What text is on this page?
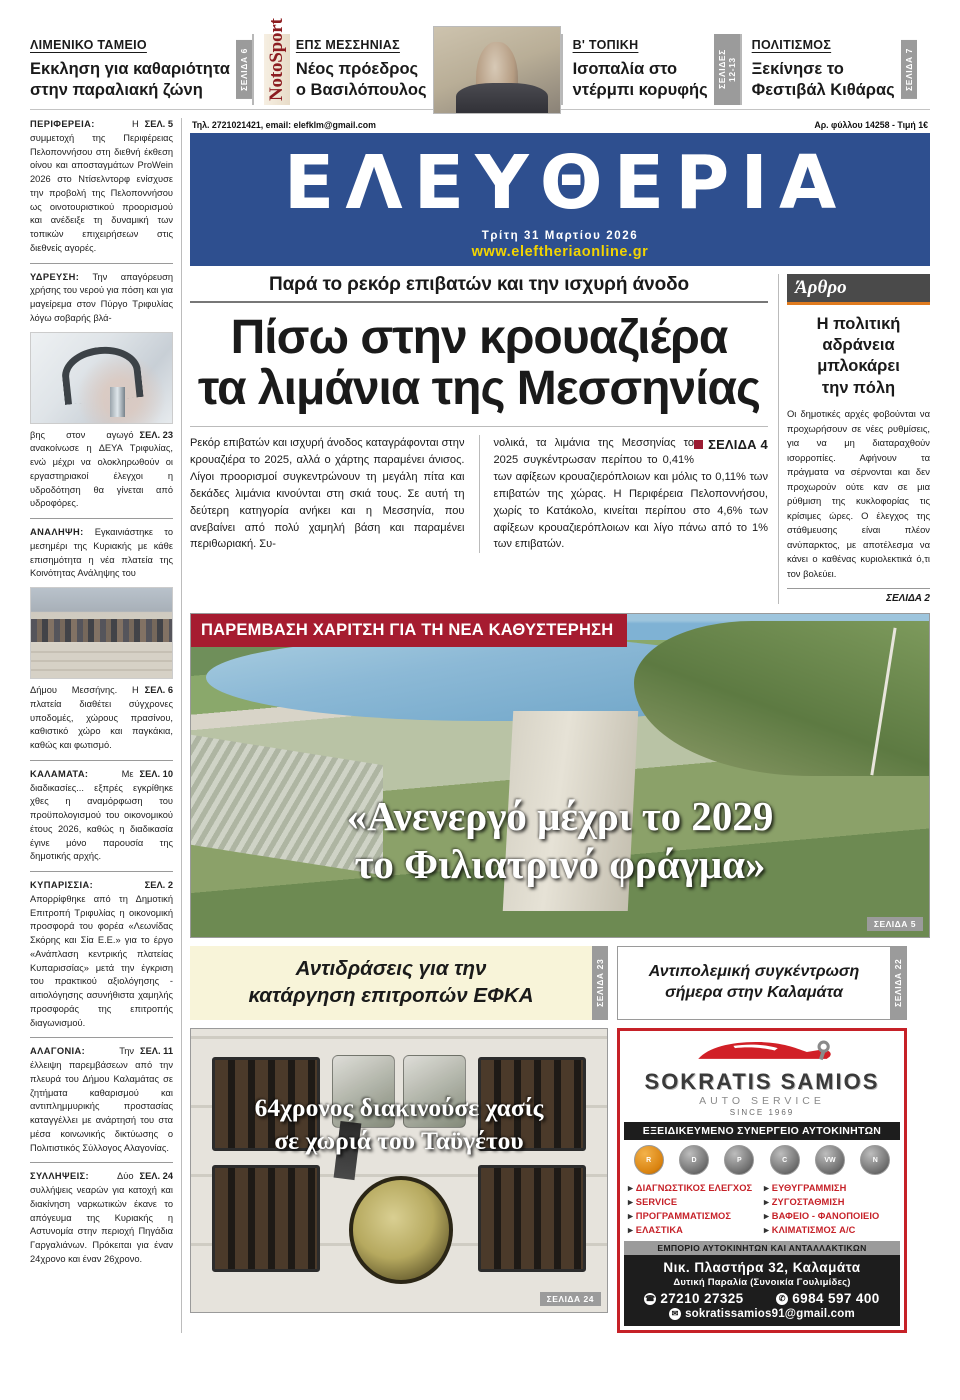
ΛΙΜΕΝΙΚΟ ΤΑΜΕΙΟ
Εκκληση για καθαριότητα
στην παραλιακή ζώνη	ΣΕΛΙΔΑ 6 NotoSport ΕΠΣ ΜΕΣΣΗΝΙΑΣ
Νέος πρόεδρος
ο Βασιλόπουλος
Β' ΤΟΠΙΚΗ
Ισοπαλία στο
ντέρμπι κορυφής
ΣΕΛΙΔΕΣ 12-13
ΠΟΛΙΤΙΣΜΟΣ
Ξεκίνησε το
Φεστιβάλ Κιθάρας	ΣΕΛΙΔΑ 7
ΣΕΛ. 5
ΠΕΡΙΦΕΡΕΙΑ: Η συμμετοχή της Περιφέρειας Πελοποννήσου στη διεθνή έκθεση οίνου και αποσταγμάτων ProWein 2026 στο Ντίσελντορφ ενίσχυσε την προβολή της Πελοποννήσου ως οινοτουριστικού προορισμού και ανέδειξε τη δυναμική των τοπικών επιχειρήσεων στις διεθνείς αγορές.
ΥΔΡΕΥΣΗ: Την απαγόρευση χρήσης του νερού για πόση και για μαγείρεμα στον Πύργο Τριφυλίας λόγω σοβαρής βλά-
ΣΕΛ. 23
βης στον αγωγό ανακοίνωσε η ΔΕΥΑ Τριφυλίας, ενώ μέχρι να ολοκληρωθούν οι εργαστηριακοί έλεγχοι η υδροδότηση θα γίνεται από υδροφόρες.
ΑΝΑΛΗΨΗ: Εγκαινιάστηκε το μεσημέρι της Κυριακής με κάθε επισημότητα η νέα πλατεία της Κοινότητας Ανάληψης του
ΣΕΛ. 6
Δήμου Μεσσήνης. Η πλατεία διαθέτει σύγχρονες υποδομές, χώρους πρασίνου, καθιστικό χώρο και παγκάκια, καθώς και φωτισμό.
ΣΕΛ. 10
ΚΑΛΑΜΑΤΑ: Με διαδικασίες... εξπρές εγκρίθηκε χθες η αναμόρφωση του προϋπολογισμού του οικονομικού έτους 2026, καθώς η διαδικασία έγινε μόνο παρουσία της δημοτικής αρχής.
ΣΕΛ. 2
ΚΥΠΑΡΙΣΣΙΑ: Απορρίφθηκε από τη Δημοτική Επιτροπή Τριφυλίας η οικονομική προσφορά του φορέα «Λεωνίδας Σκόρης και Σία Ε.Ε.» για το έργο «Ανάπλαση κεντρικής πλατείας Κυπαρισσίας» μετά την έγκριση του πρακτικού αξιολόγησης - αιτιολόγησης ασυνήθιστα χαμηλής προσφοράς της επιτροπής διαγωνισμού.
ΣΕΛ. 11
ΑΛΑΓΟΝΙΑ: Την έλλειψη παρεμβάσεων από την πλευρά του Δήμου Καλαμάτας σε ζητήματα καθαρισμού και αντιπλημμυρικής προστασίας καταγγέλλει με ανάρτησή του στα μέσα κοινωνικής δικτύωσης ο Πολιτιστικός Σύλλογος Αλαγονίας.
ΣΕΛ. 24
ΣΥΛΛΗΨΕΙΣ: Δύο συλλήψεις νεαρών για κατοχή και διακίνηση ναρκωτικών έκανε το απόγευμα της Κυριακής η Αστυνομία στην περιοχή Πηγάδια Γαργαλιάνων. Πρόκειται για έναν 24χρονο και έναν 26χρονο.
Τηλ. 2721021421, email: elefklm@gmail.com	Αρ. φύλλου 14258 - Τιμή 1€
ΕΛΕΥΘΕΡΙΑ
Τρίτη 31 Μαρτίου 2026
www.eleftheriaonline.gr
Παρά το ρεκόρ επιβατών και την ισχυρή άνοδο
Πίσω στην κρουαζιέρα
τα λιμάνια της Μεσσηνίας
Ρεκόρ επιβατών και ισχυρή άνοδος καταγράφονται στην κρουαζιέρα το 2025, αλλά ο χάρτης παραμένει άνισος. Λίγοι προορισμοί συγκεντρώνουν τη μεγάλη πίτα και δεκάδες λιμάνια κινούνται στη σκιά τους. Σε αυτή τη δεύτερη κατηγορία ανήκει και η Μεσσηνία, που ανεβαίνει από πολύ χαμηλή βάση και παραμένει περιθωριακή. Συ-
ΣΕΛΙΔΑ 4
νολικά, τα λιμάνια της Μεσσηνίας το 2025 συγκέντρωσαν περίπου το 0,41% των αφίξεων κρουαζιερόπλοιων και μόλις το 0,11% των επιβατών της χώρας. Η Περιφέρεια Πελοποννήσου, χωρίς το Κατάκολο, κινείται περίπου στο 4,6% των αφίξεων κρουαζιερόπλοιων και λίγο πάνω από το 1% των επιβατών.
Άρθρο
Η πολιτική
αδράνεια
μπλοκάρει
την πόλη
Οι δημοτικές αρχές φοβούνται να προχωρήσουν σε νέες ρυθμίσεις, για να μη διαταραχθούν ισορροπίες. Αφήνουν τα πράγματα να σέρνονται και δεν προχωρούν ούτε καν σε μια ρύθμιση της κυκλοφορίας τις κρίσιμες ώρες. Ο έλεγχος της στάθμευσης είναι πλέον ανύπαρκτος, με αποτέλεσμα να κάνει ο καθένας κυριολεκτικά ό,τι τον βολεύει.
ΣΕΛΙΔΑ 2
ΠΑΡΕΜΒΑΣΗ ΧΑΡΙΤΣΗ ΓΙΑ ΤΗ ΝΕΑ ΚΑΘΥΣΤΕΡΗΣΗ
«Ανενεργό μέχρι το 2029
το Φιλιατρινό φράγμα»
ΣΕΛΙΔΑ 5
Αντιδράσεις για την
κατάργηση επιτροπών ΕΦΚΑ	ΣΕΛΙΔΑ 23	Αντιπολεμική συγκέντρωση
σήμερα στην Καλαμάτα	ΣΕΛΙΔΑ 22
64χρονος διακινούσε χασίς
σε χωριά του Ταϋγέτου
ΣΕΛΙΔΑ 24
SOKRATIS SAMIOS
AUTO SERVICE
SINCE 1969
ΕΞΕΙΔΙΚΕΥΜΕΝΟ ΣΥΝΕΡΓΕΙΟ ΑΥΤΟΚΙΝΗΤΩΝ
R	D	P	C	VW	N
▸ ΔΙΑΓΝΩΣΤΙΚΟΣ ΕΛΕΓΧΟΣ
▸ SERVICE
▸ ΠΡΟΓΡΑΜΜΑΤΙΣΜΟΣ
▸ ΕΛΑΣΤΙΚΑ
▸ ΕΥΘΥΓΡΑΜΜΙΣΗ
▸ ΖΥΓΟΣΤΑΘΜΙΣΗ
▸ ΒΑΦΕΙΟ - ΦΑΝΟΠΟΙΕΙΟ
▸ ΚΛΙΜΑΤΙΣΜΟΣ A/C
ΕΜΠΟΡΙΟ ΑΥΤΟΚΙΝΗΤΩΝ ΚΑΙ ΑΝΤΑΛΛΑΚΤΙΚΩΝ
Νικ. Πλαστήρα 32, Καλαμάτα
Δυτική Παραλία (Συνοικία Γουλιμίδες)
☎ 27210 27325	✆ 6984 597 400
✉ sokratissamios91@gmail.com
